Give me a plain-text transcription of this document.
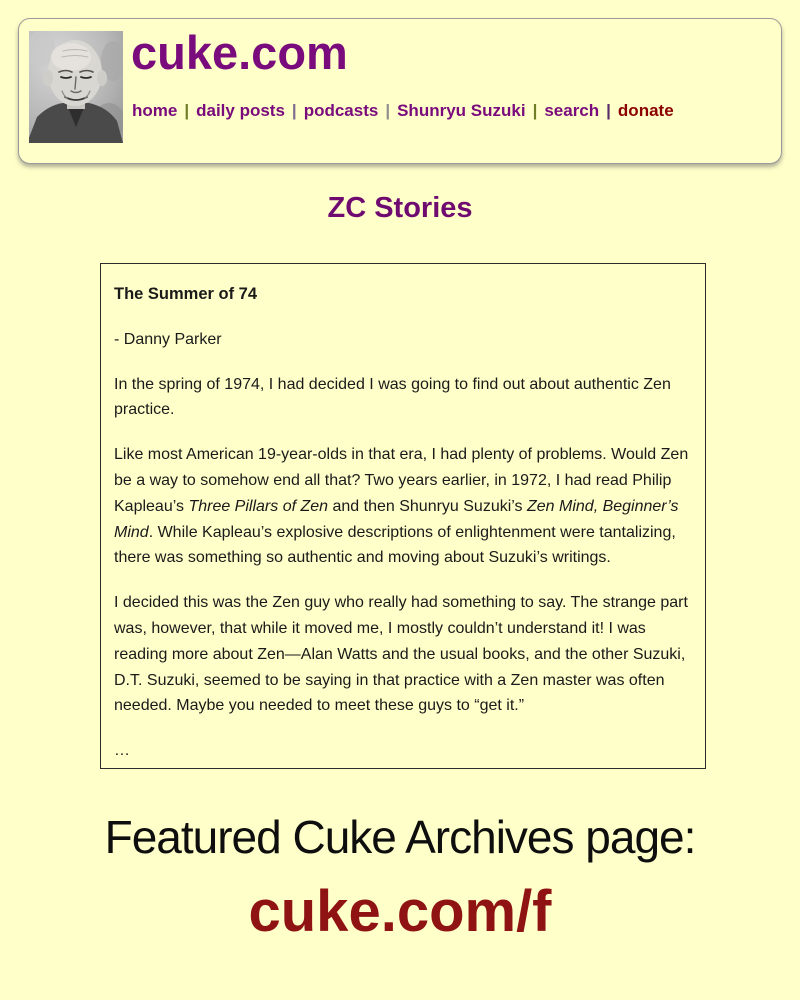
cuke.com
home | daily posts | podcasts | Shunryu Suzuki | search | donate
ZC Stories
The Summer of 74
- Danny Parker

In the spring of 1974, I had decided I was going to find out about authentic Zen practice.

Like most American 19-year-olds in that era, I had plenty of problems. Would Zen be a way to somehow end all that? Two years earlier, in 1972, I had read Philip Kapleau’s Three Pillars of Zen and then Shunryu Suzuki’s Zen Mind, Beginner’s Mind. While Kapleau’s explosive descriptions of enlightenment were tantalizing, there was something so authentic and moving about Suzuki’s writings.

I decided this was the Zen guy who really had something to say. The strange part was, however, that while it moved me, I mostly couldn’t understand it! I was reading more about Zen—Alan Watts and the usual books, and the other Suzuki, D.T. Suzuki, seemed to be saying in that practice with a Zen master was often needed. Maybe you needed to meet these guys to “get it.”

…

Featured Cuke Archives page:
cuke.com/f
